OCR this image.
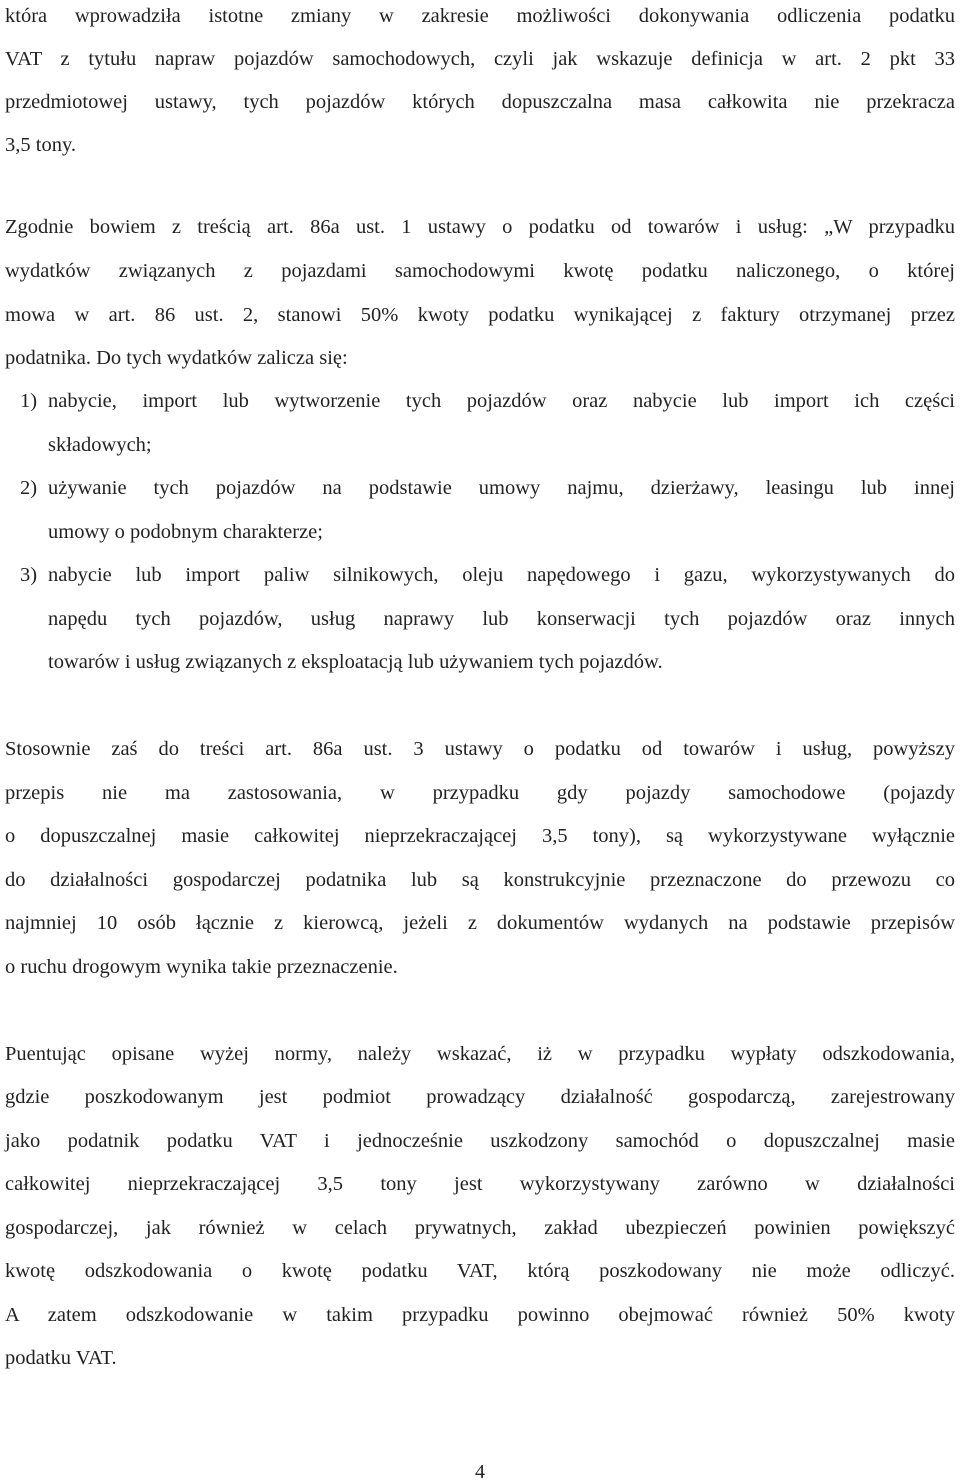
która wprowadziła istotne zmiany w zakresie możliwości dokonywania odliczenia podatku

VAT z tytułu napraw pojazdów samochodowych, czyli jak wskazuje definicja w art. 2 pkt 33

przedmiotowej ustawy, tych pojazdów których dopuszczalna masa całkowita nie przekracza

3,5 tony.

Zgodnie bowiem z treścią art. 86a ust. 1 ustawy o podatku od towarów i usług: „W przypadku

wydatków związanych z pojazdami samochodowymi kwotę podatku naliczonego, o której

mowa w art. 86 ust. 2, stanowi 50% kwoty podatku wynikającej z faktury otrzymanej przez

podatnika. Do tych wydatków zalicza się:

1) nabycie, import lub wytworzenie tych pojazdów oraz nabycie lub import ich części

składowych;

2) używanie tych pojazdów na podstawie umowy najmu, dzierżawy, leasingu lub innej

umowy o podobnym charakterze;

3) nabycie lub import paliw silnikowych, oleju napędowego i gazu, wykorzystywanych do

napędu tych pojazdów, usług naprawy lub konserwacji tych pojazdów oraz innych

towarów i usług związanych z eksploatacją lub używaniem tych pojazdów.

Stosownie zaś do treści art. 86a ust. 3 ustawy o podatku od towarów i usług, powyższy

przepis nie ma zastosowania, w przypadku gdy pojazdy samochodowe (pojazdy

o dopuszczalnej masie całkowitej nieprzekraczającej 3,5 tony), są wykorzystywane wyłącznie

do działalności gospodarczej podatnika lub są konstrukcyjnie przeznaczone do przewozu co

najmniej 10 osób łącznie z kierowcą, jeżeli z dokumentów wydanych na podstawie przepisów

o ruchu drogowym wynika takie przeznaczenie.

Puentując opisane wyżej normy, należy wskazać, iż w przypadku wypłaty odszkodowania,

gdzie poszkodowanym jest podmiot prowadzący działalność gospodarczą, zarejestrowany

jako podatnik podatku VAT i jednocześnie uszkodzony samochód o dopuszczalnej masie

całkowitej nieprzekraczającej 3,5 tony jest wykorzystywany zarówno w działalności

gospodarczej, jak również w celach prywatnych, zakład ubezpieczeń powinien powiększyć

kwotę odszkodowania o kwotę podatku VAT, którą poszkodowany nie może odliczyć.

A zatem odszkodowanie w takim przypadku powinno obejmować również 50% kwoty

podatku VAT.

4
